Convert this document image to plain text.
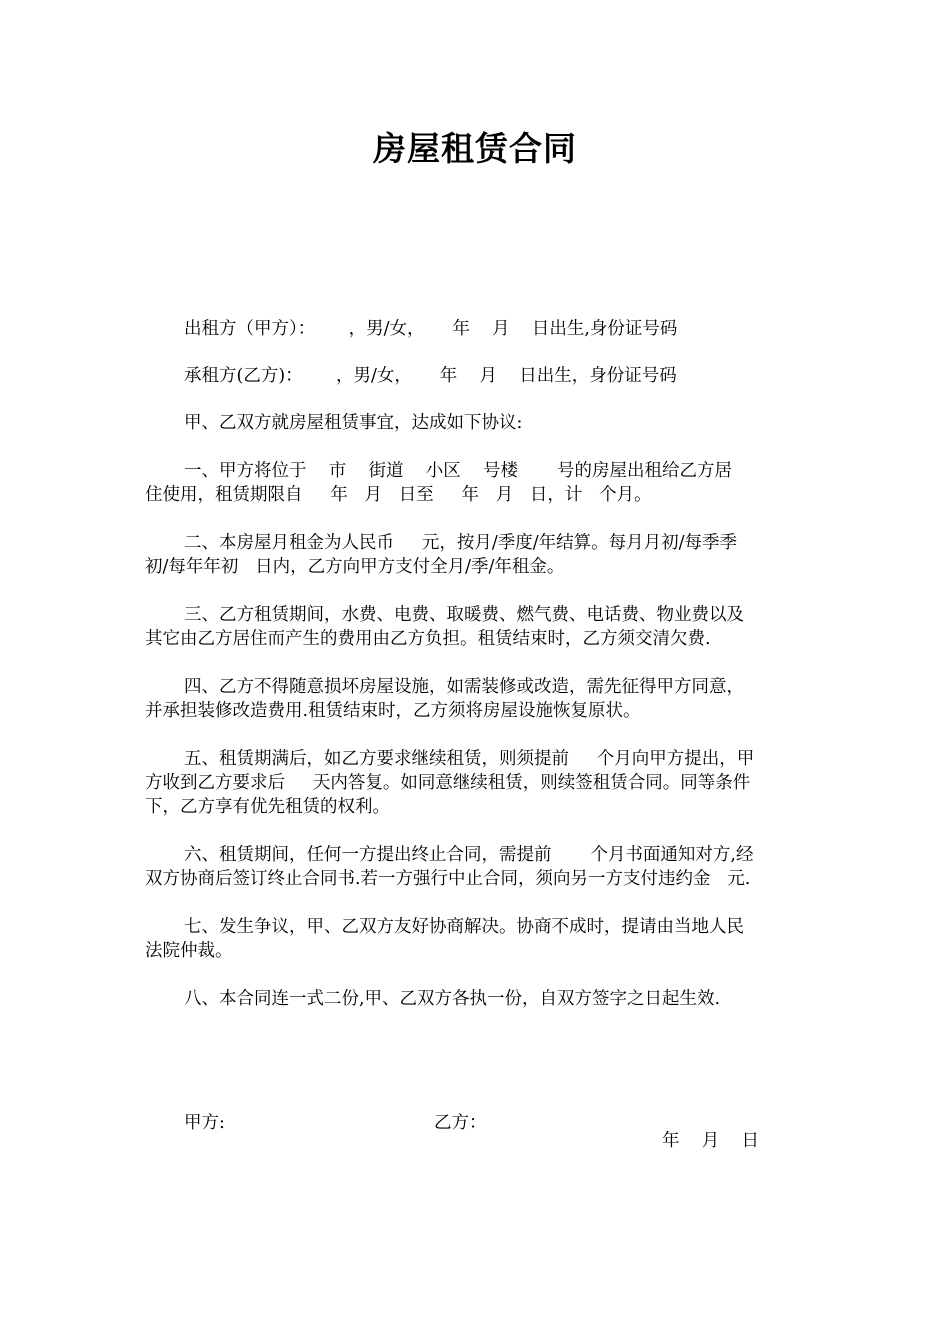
房屋租赁合同
出租方（甲方）：      ，男/女，     年    月    日出生,身份证号码
承租方(乙方)：      ，男/女，     年    月    日出生，身份证号码
甲、乙双方就房屋租赁事宜，达成如下协议:
一、甲方将位于    市    街道    小区    号楼       号的房屋出租给乙方居
住使用，租赁期限自     年   月   日至     年   月   日，计   个月。
二、本房屋月租金为人民币     元，按月/季度/年结算。每月月初/每季季
初/每年年初   日内，乙方向甲方支付全月/季/年租金。
三、乙方租赁期间，水费、电费、取暖费、燃气费、电话费、物业费以及
其它由乙方居住而产生的费用由乙方负担。租赁结束时，乙方须交清欠费.
四、乙方不得随意损坏房屋设施，如需装修或改造，需先征得甲方同意，
并承担装修改造费用.租赁结束时，乙方须将房屋设施恢复原状。
五、租赁期满后，如乙方要求继续租赁，则须提前     个月向甲方提出，甲
方收到乙方要求后     天内答复。如同意继续租赁，则续签租赁合同。同等条件
下，乙方享有优先租赁的权利。
六、租赁期间，任何一方提出终止合同，需提前       个月书面通知对方,经
双方协商后签订终止合同书.若一方强行中止合同，须向另一方支付违约金   元.
七、发生争议，甲、乙双方友好协商解决。协商不成时，提请由当地人民
法院仲裁。
八、本合同连一式二份,甲、乙双方各执一份，自双方签字之日起生效.
甲方:	乙方：
年    月    日
